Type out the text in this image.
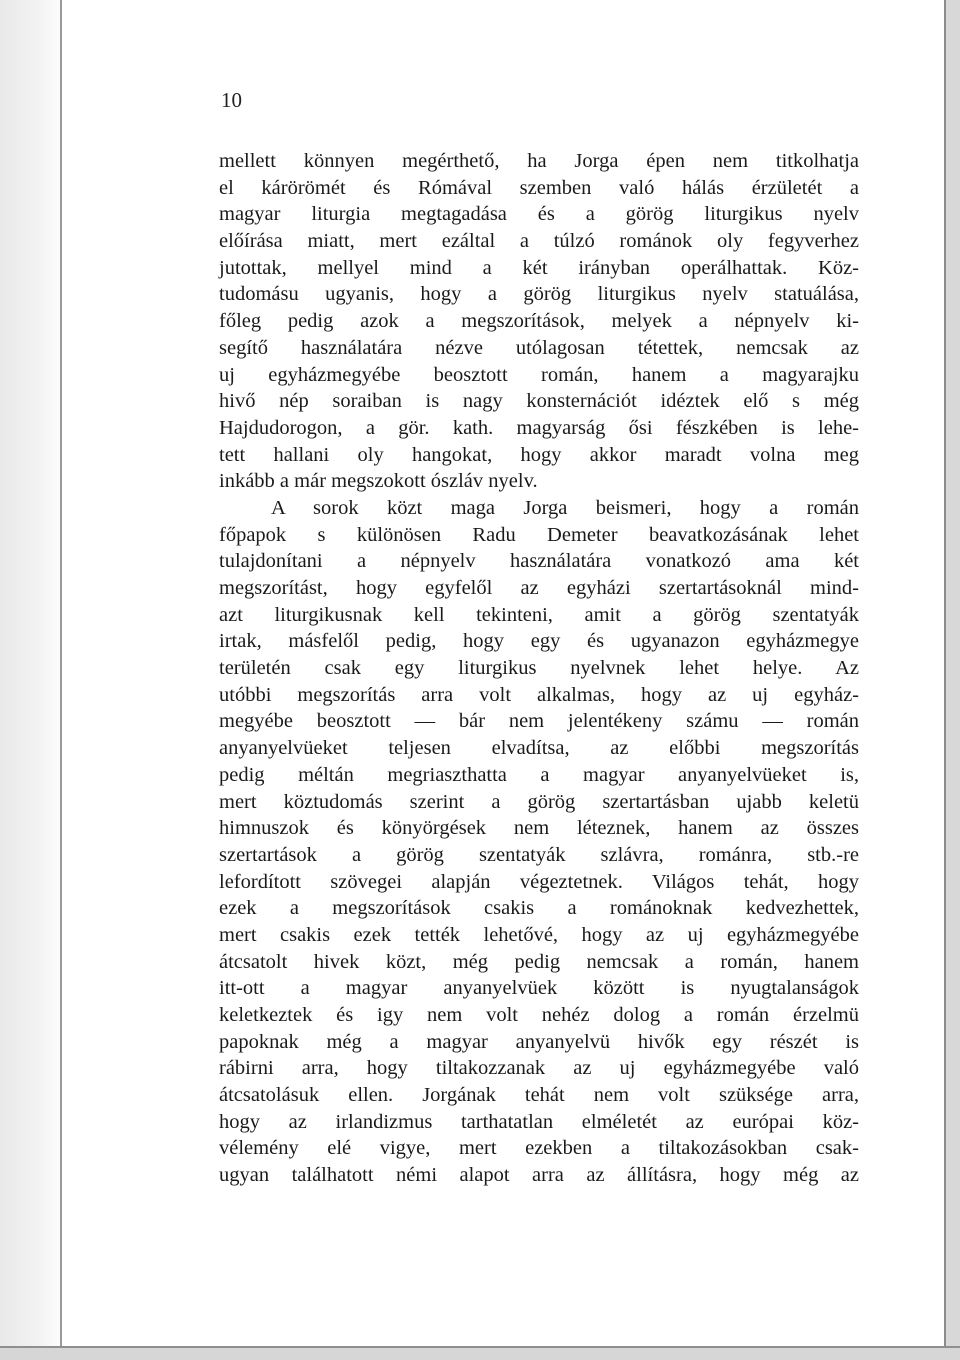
10
mellett könnyen megérthető, ha Jorga épen nem titkolhatja
el kárörömét és Rómával szemben való hálás érzületét a
magyar liturgia megtagadása és a görög liturgikus nyelv
előírása miatt, mert ezáltal a túlzó románok oly fegyverhez
jutottak, mellyel mind a két irányban operálhattak. Köz-
tudomásu ugyanis, hogy a görög liturgikus nyelv statuálása,
főleg pedig azok a megszorítások, melyek a népnyelv ki-
segítő használatára nézve utólagosan tétettek, nemcsak az
uj egyházmegyébe beosztott román, hanem a magyarajku
hivő nép soraiban is nagy konsternációt idéztek elő s még
Hajdudorogon, a gör. kath. magyarság ősi fészkében is lehe-
tett hallani oly hangokat, hogy akkor maradt volna meg
inkább a már megszokott ószláv nyelv.
A sorok közt maga Jorga beismeri, hogy a román
főpapok s különösen Radu Demeter beavatkozásának lehet
tulajdonítani a népnyelv használatára vonatkozó ama két
megszorítást, hogy egyfelől az egyházi szertartásoknál mind-
azt liturgikusnak kell tekinteni, amit a görög szentatyák
irtak, másfelől pedig, hogy egy és ugyanazon egyházmegye
területén csak egy liturgikus nyelvnek lehet helye. Az
utóbbi megszorítás arra volt alkalmas, hogy az uj egyház-
megyébe beosztott — bár nem jelentékeny számu — román
anyanyelvüeket teljesen elvadítsa, az előbbi megszorítás
pedig méltán megriaszthatta a magyar anyanyelvüeket is,
mert köztudomás szerint a görög szertartásban ujabb keletü
himnuszok és könyörgések nem léteznek, hanem az összes
szertartások a görög szentatyák szlávra, románra, stb.-re
lefordított szövegei alapján végeztetnek. Világos tehát, hogy
ezek a megszorítások csakis a románoknak kedvezhettek,
mert csakis ezek tették lehetővé, hogy az uj egyházmegyébe
átcsatolt hivek közt, még pedig nemcsak a román, hanem
itt-ott a magyar anyanyelvüek között is nyugtalanságok
keletkeztek és igy nem volt nehéz dolog a román érzelmü
papoknak még a magyar anyanyelvü hivők egy részét is
rábirni arra, hogy tiltakozzanak az uj egyházmegyébe való
átcsatolásuk ellen. Jorgának tehát nem volt szüksége arra,
hogy az irlandizmus tarthatatlan elméletét az európai köz-
vélemény elé vigye, mert ezekben a tiltakozásokban csak-
ugyan találhatott némi alapot arra az állításra, hogy még az
